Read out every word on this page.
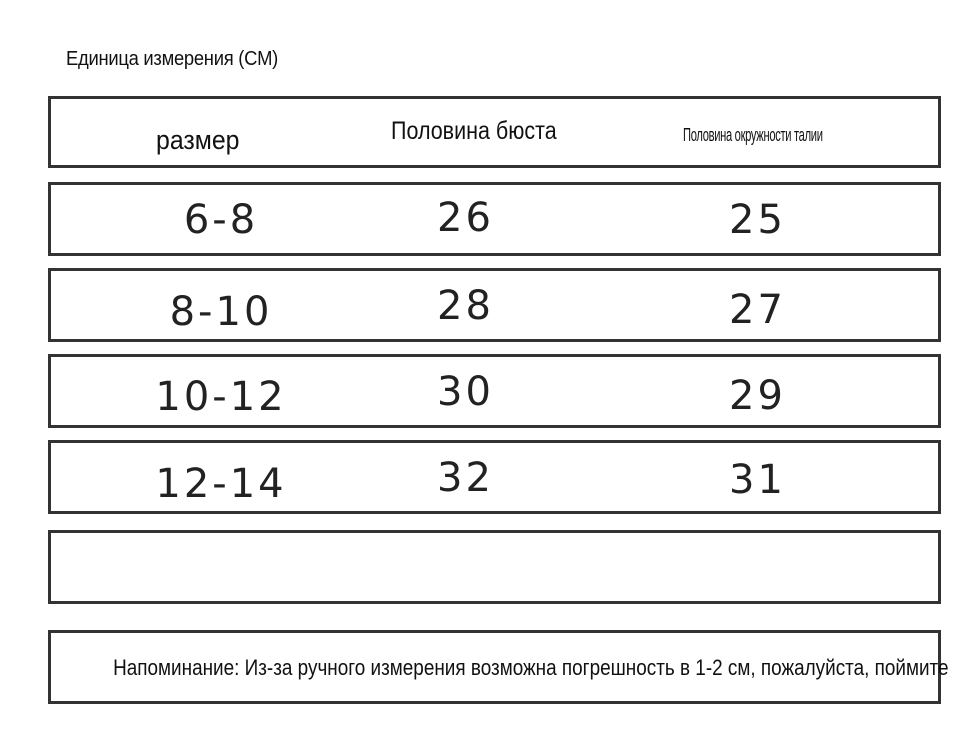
Единица измерения (CM)
размер	Половина бюста	Половина окружности талии
6-8	26	25
8-10	28	27
10-12	30	29
12-14	32	31
Напоминание: Из-за ручного измерения возможна погрешность в 1-2 см, пожалуйста, поймите
